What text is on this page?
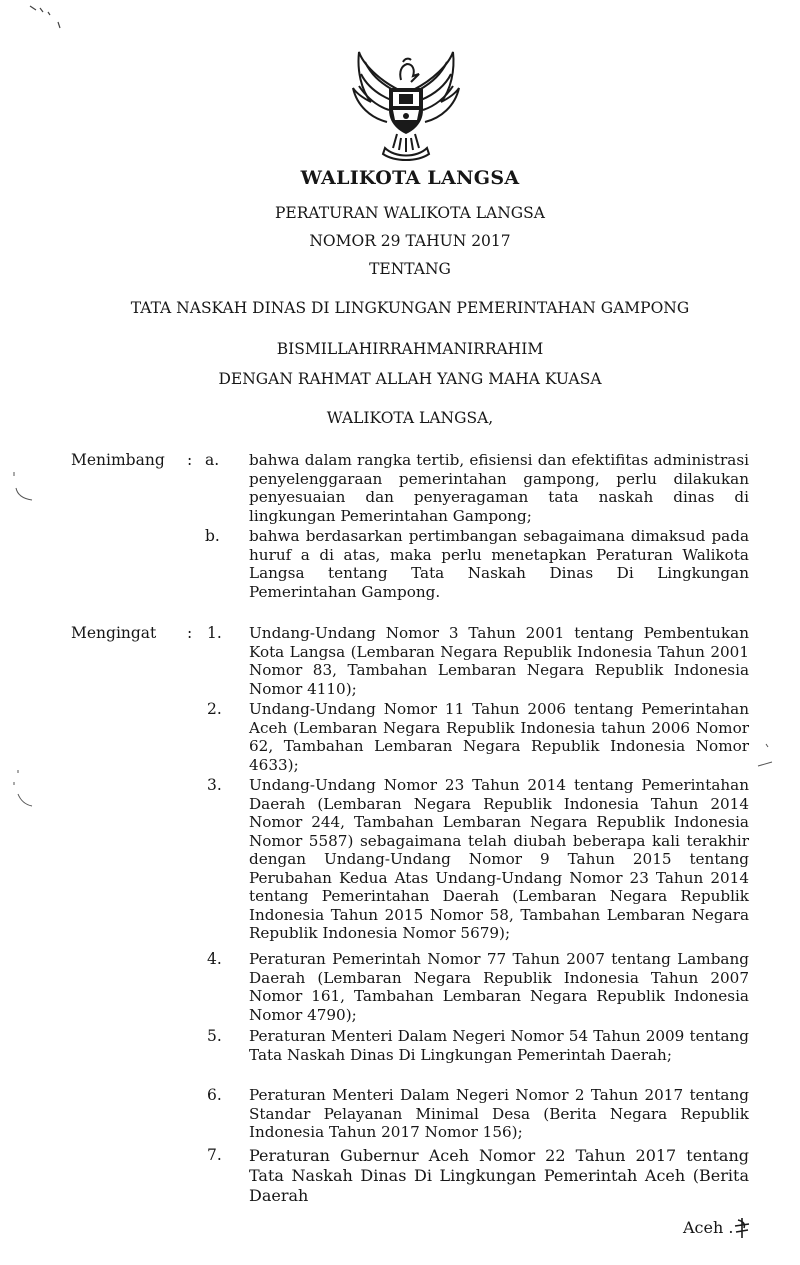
WALIKOTA LANGSA
PERATURAN WALIKOTA LANGSA
NOMOR 29 TAHUN 2017
TENTANG
TATA NASKAH DINAS DI LINGKUNGAN PEMERINTAHAN GAMPONG
BISMILLAHIRRAHMANIRRAHIM
DENGAN RAHMAT ALLAH YANG MAHA KUASA
WALIKOTA LANGSA,
Menimbang : a. bahwa dalam rangka tertib, efisiensi dan efektifitas administrasi penyelenggaraan pemerintahan gampong, perlu dilakukan penyesuaian dan penyeragaman tata naskah dinas di lingkungan Pemerintahan Gampong;
b. bahwa berdasarkan pertimbangan sebagaimana dimaksud pada huruf a di atas, maka perlu menetapkan Peraturan Walikota Langsa tentang Tata Naskah Dinas Di Lingkungan Pemerintahan Gampong.
Mengingat : 1. Undang-Undang Nomor 3 Tahun 2001 tentang Pembentukan Kota Langsa (Lembaran Negara Republik Indonesia Tahun 2001 Nomor 83, Tambahan Lembaran Negara Republik Indonesia Nomor 4110);
2. Undang-Undang Nomor 11 Tahun 2006 tentang Pemerintahan Aceh (Lembaran Negara Republik Indonesia tahun 2006 Nomor 62, Tambahan Lembaran Negara Republik Indonesia Nomor 4633);
3. Undang-Undang Nomor 23 Tahun 2014 tentang Pemerintahan Daerah (Lembaran Negara Republik Indonesia Tahun 2014 Nomor 244, Tambahan Lembaran Negara Republik Indonesia Nomor 5587) sebagaimana telah diubah beberapa kali terakhir dengan Undang-Undang Nomor 9 Tahun 2015 tentang Perubahan Kedua Atas Undang-Undang Nomor 23 Tahun 2014 tentang Pemerintahan Daerah (Lembaran Negara Republik Indonesia Tahun 2015 Nomor 58, Tambahan Lembaran Negara Republik Indonesia Nomor 5679);
4. Peraturan Pemerintah Nomor 77 Tahun 2007 tentang Lambang Daerah (Lembaran Negara Republik Indonesia Tahun 2007 Nomor 161, Tambahan Lembaran Negara Republik Indonesia Nomor 4790);
5. Peraturan Menteri Dalam Negeri Nomor 54 Tahun 2009 tentang Tata Naskah Dinas Di Lingkungan Pemerintah Daerah;
6. Peraturan Menteri Dalam Negeri Nomor 2 Tahun 2017 tentang Standar Pelayanan Minimal Desa (Berita Negara Republik Indonesia Tahun 2017 Nomor 156);
7. Peraturan Gubernur Aceh Nomor 22 Tahun 2017 tentang Tata Naskah Dinas Di Lingkungan Pemerintah Aceh (Berita Daerah
Aceh .
